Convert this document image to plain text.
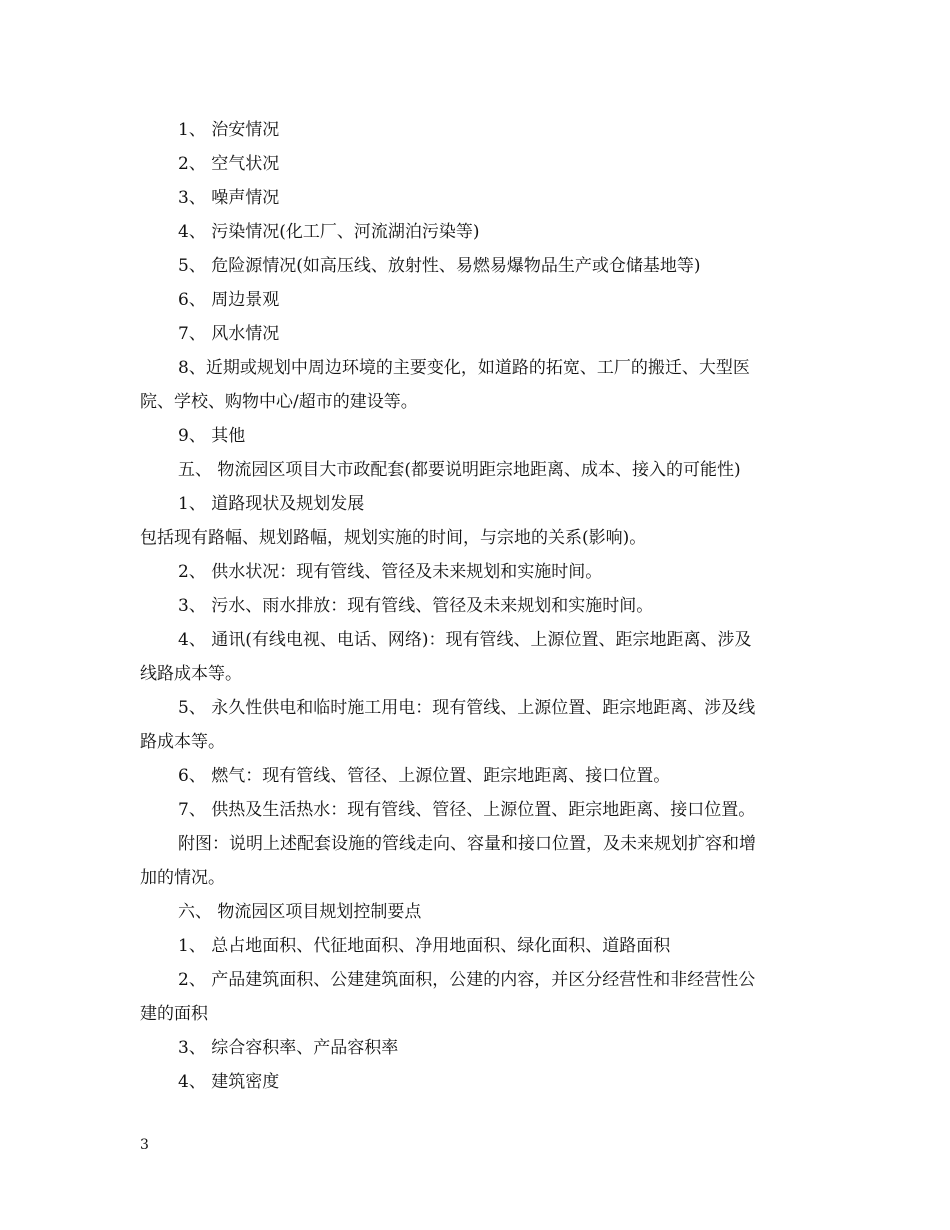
1、 治安情况
2、 空气状况
3、 噪声情况
4、 污染情况(化工厂、河流湖泊污染等)
5、 危险源情况(如高压线、放射性、易燃易爆物品生产或仓储基地等)
6、 周边景观
7、 风水情况
8、近期或规划中周边环境的主要变化，如道路的拓宽、工厂的搬迁、大型医
院、学校、购物中心/超市的建设等。
9、 其他
五、 物流园区项目大市政配套(都要说明距宗地距离、成本、接入的可能性)
1、 道路现状及规划发展
包括现有路幅、规划路幅，规划实施的时间，与宗地的关系(影响)。
2、 供水状况：现有管线、管径及未来规划和实施时间。
3、 污水、雨水排放：现有管线、管径及未来规划和实施时间。
4、 通讯(有线电视、电话、网络)：现有管线、上源位置、距宗地距离、涉及
线路成本等。
5、 永久性供电和临时施工用电：现有管线、上源位置、距宗地距离、涉及线
路成本等。
6、 燃气：现有管线、管径、上源位置、距宗地距离、接口位置。
7、 供热及生活热水：现有管线、管径、上源位置、距宗地距离、接口位置。
附图：说明上述配套设施的管线走向、容量和接口位置，及未来规划扩容和增
加的情况。
六、 物流园区项目规划控制要点
1、 总占地面积、代征地面积、净用地面积、绿化面积、道路面积
2、 产品建筑面积、公建建筑面积，公建的内容，并区分经营性和非经营性公
建的面积
3、 综合容积率、产品容积率
4、 建筑密度
3
